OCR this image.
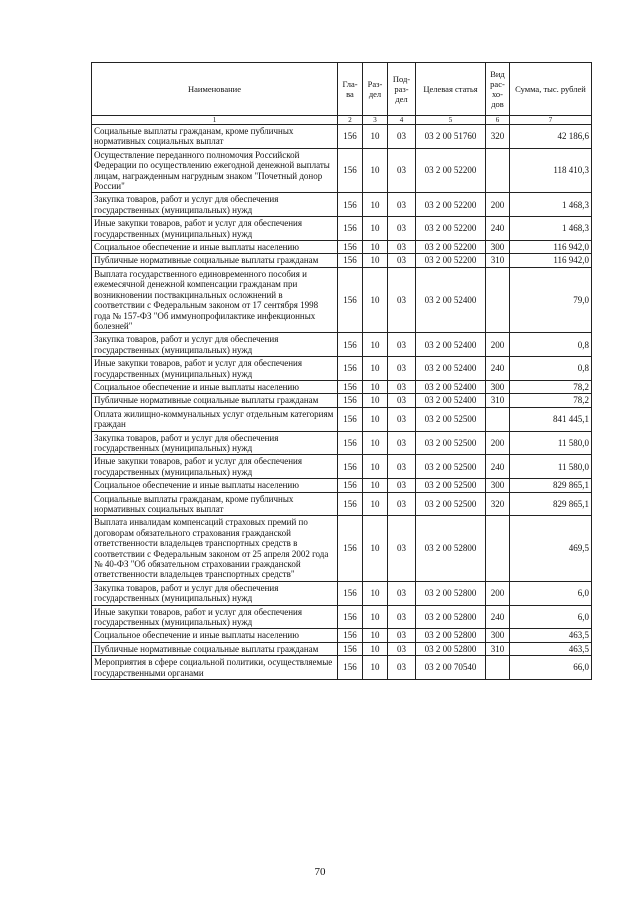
Наименование	Гла-ва	Раз-дел	Под-раз-дел	Целевая статья	Вид рас-хо-дов	Сумма, тыс. рублей
1	2	3	4	5	6	7
Социальные выплаты гражданам, кроме публичных нормативных социальных выплат	156	10	03	03 2 00 51760	320	42 186,6
Осуществление переданного полномочия Российской Федерации по осуществлению ежегодной денежной выплаты лицам, награжденным нагрудным знаком "Почетный донор России"	156	10	03	03 2 00 52200		118 410,3
Закупка товаров, работ и услуг для обеспечения государственных (муниципальных) нужд	156	10	03	03 2 00 52200	200	1 468,3
Иные закупки товаров, работ и услуг для обеспечения государственных (муниципальных) нужд	156	10	03	03 2 00 52200	240	1 468,3
Социальное обеспечение и иные выплаты населению	156	10	03	03 2 00 52200	300	116 942,0
Публичные нормативные социальные выплаты гражданам	156	10	03	03 2 00 52200	310	116 942,0
Выплата государственного единовременного пособия и ежемесячной денежной компенсации гражданам при возникновении поствакцинальных осложнений в соответствии с Федеральным законом от 17 сентября 1998 года № 157-ФЗ "Об иммунопрофилактике инфекционных болезней"	156	10	03	03 2 00 52400		79,0
Закупка товаров, работ и услуг для обеспечения государственных (муниципальных) нужд	156	10	03	03 2 00 52400	200	0,8
Иные закупки товаров, работ и услуг для обеспечения государственных (муниципальных) нужд	156	10	03	03 2 00 52400	240	0,8
Социальное обеспечение и иные выплаты населению	156	10	03	03 2 00 52400	300	78,2
Публичные нормативные социальные выплаты гражданам	156	10	03	03 2 00 52400	310	78,2
Оплата жилищно-коммунальных услуг отдельным категориям граждан	156	10	03	03 2 00 52500		841 445,1
Закупка товаров, работ и услуг для обеспечения государственных (муниципальных) нужд	156	10	03	03 2 00 52500	200	11 580,0
Иные закупки товаров, работ и услуг для обеспечения государственных (муниципальных) нужд	156	10	03	03 2 00 52500	240	11 580,0
Социальное обеспечение и иные выплаты населению	156	10	03	03 2 00 52500	300	829 865,1
Социальные выплаты гражданам, кроме публичных нормативных социальных выплат	156	10	03	03 2 00 52500	320	829 865,1
Выплата инвалидам компенсаций страховых премий по договорам обязательного страхования гражданской ответственности владельцев транспортных средств в соответствии с Федеральным законом от 25 апреля 2002 года № 40-ФЗ "Об обязательном страховании гражданской ответственности владельцев транспортных средств"	156	10	03	03 2 00 52800		469,5
Закупка товаров, работ и услуг для обеспечения государственных (муниципальных) нужд	156	10	03	03 2 00 52800	200	6,0
Иные закупки товаров, работ и услуг для обеспечения государственных (муниципальных) нужд	156	10	03	03 2 00 52800	240	6,0
Социальное обеспечение и иные выплаты населению	156	10	03	03 2 00 52800	300	463,5
Публичные нормативные социальные выплаты гражданам	156	10	03	03 2 00 52800	310	463,5
Мероприятия в сфере социальной политики, осуществляемые государственными органами	156	10	03	03 2 00 70540		66,0
70
